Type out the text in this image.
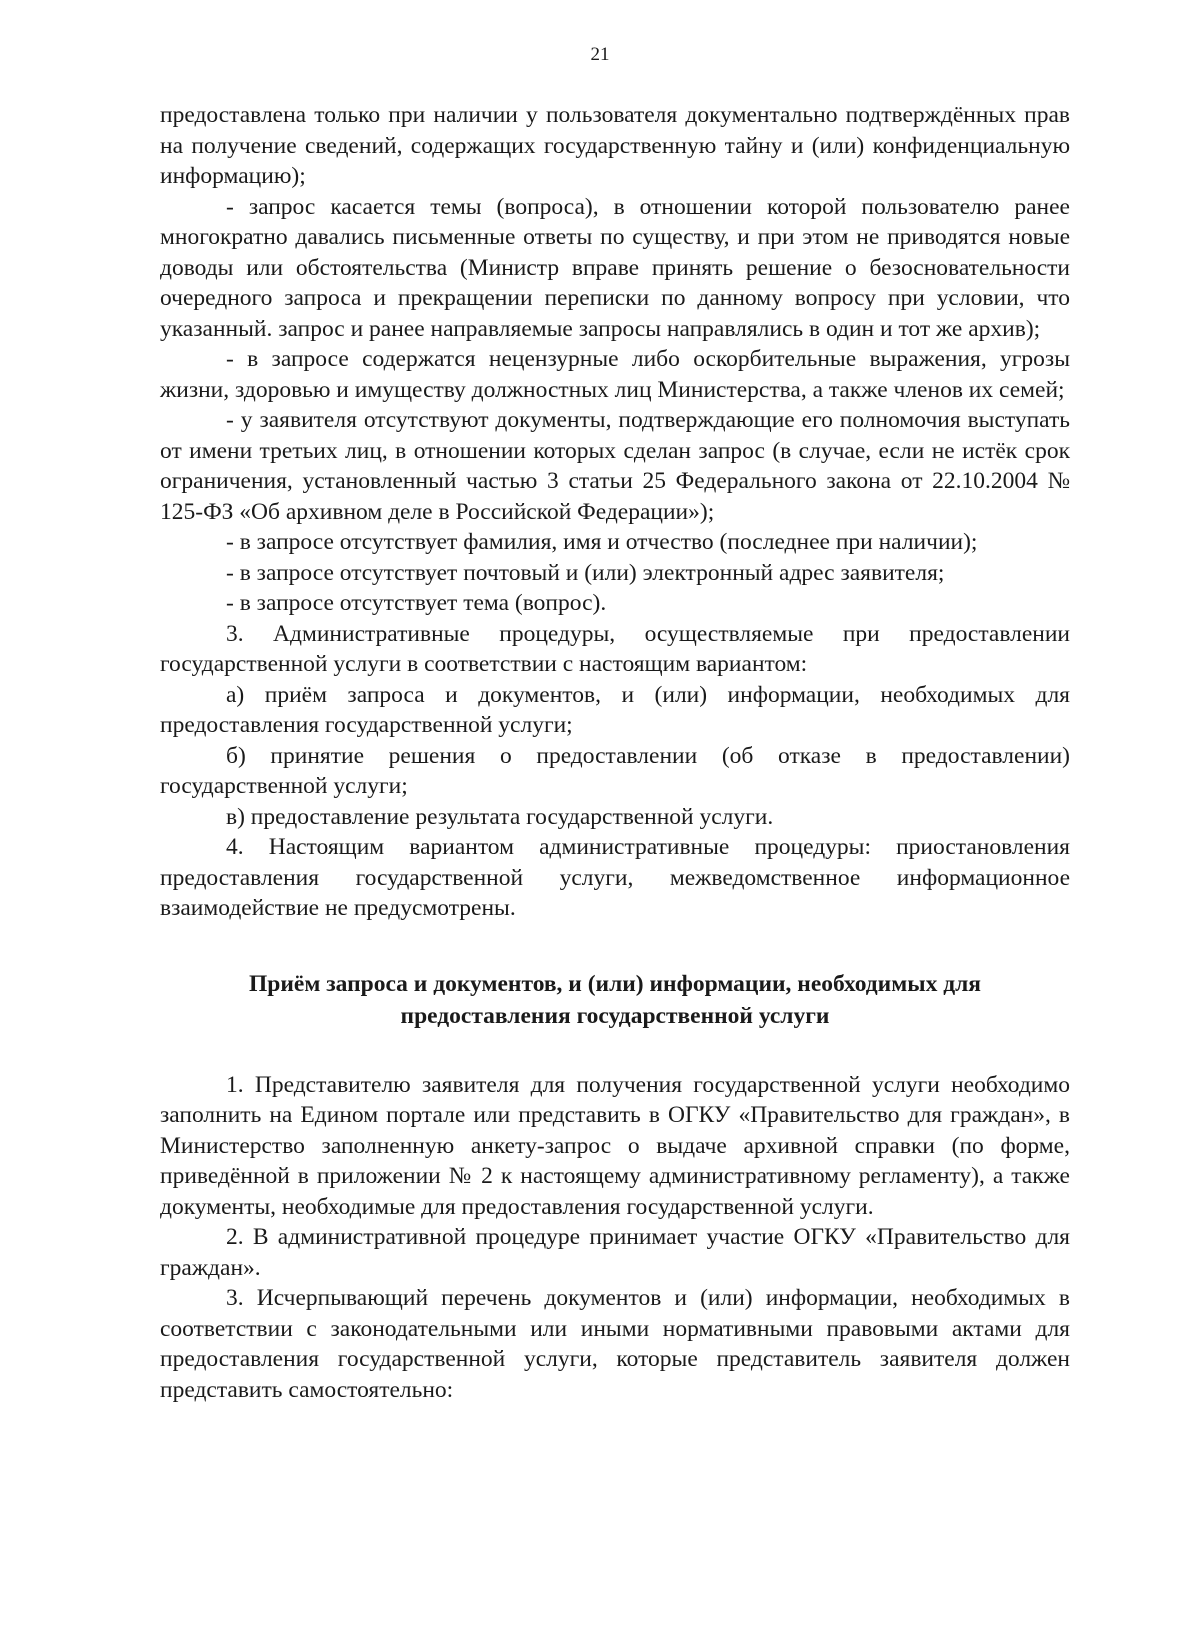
21

предоставлена только при наличии у пользователя документально подтверждённых прав на получение сведений, содержащих государственную тайну и (или) конфиденциальную информацию);

- запрос касается темы (вопроса), в отношении которой пользователю ранее многократно давались письменные ответы по существу, и при этом не приводятся новые доводы или обстоятельства (Министр вправе принять решение о безосновательности очередного запроса и прекращении переписки по данному вопросу при условии, что указанный. запрос и ранее направляемые запросы направлялись в один и тот же архив);

- в запросе содержатся нецензурные либо оскорбительные выражения, угрозы жизни, здоровью и имуществу должностных лиц Министерства, а также членов их семей;

- у заявителя отсутствуют документы, подтверждающие его полномочия выступать от имени третьих лиц, в отношении которых сделан запрос (в случае, если не истёк срок ограничения, установленный частью 3 статьи 25 Федерального закона от 22.10.2004 № 125-ФЗ «Об архивном деле в Российской Федерации»);

- в запросе отсутствует фамилия, имя и отчество (последнее при наличии);

- в запросе отсутствует почтовый и (или) электронный адрес заявителя;

- в запросе отсутствует тема (вопрос).

3. Административные процедуры, осуществляемые при предоставлении государственной услуги в соответствии с настоящим вариантом:

а) приём запроса и документов, и (или) информации, необходимых для предоставления государственной услуги;

б) принятие решения о предоставлении (об отказе в предоставлении) государственной услуги;

в) предоставление результата государственной услуги.

4. Настоящим вариантом административные процедуры: приостановления предоставления государственной услуги, межведомственное информационное взаимодействие не предусмотрены.

Приём запроса и документов, и (или) информации, необходимых для
предоставления государственной услуги

1. Представителю заявителя для получения государственной услуги необходимо заполнить на Едином портале или представить в ОГКУ «Правительство для граждан», в Министерство заполненную анкету-запрос о выдаче архивной справки (по форме, приведённой в приложении № 2 к настоящему административному регламенту), а также документы, необходимые для предоставления государственной услуги.

2. В административной процедуре принимает участие ОГКУ «Правительство для граждан».

3. Исчерпывающий перечень документов и (или) информации, необходимых в соответствии с законодательными или иными нормативными правовыми актами для предоставления государственной услуги, которые представитель заявителя должен представить самостоятельно:
